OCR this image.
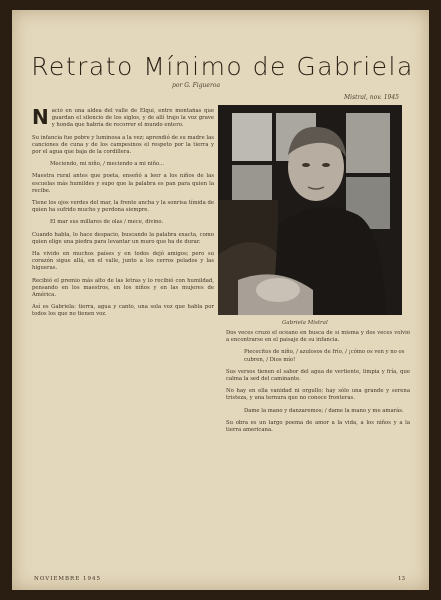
Retrato Mínimo de Gabriela
por G. Figueroa
Mistral, nov. 1945
N ació en una aldea del valle de Elqui, entre montañas que guardan el silencio de los siglos, y de allí trajo la voz grave y honda que habría de recorrer el mundo entero.

Su infancia fue pobre y luminosa a la vez; aprendió de su madre las canciones de cuna y de los campesinos el respeto por la tierra y por el agua que baja de la cordillera.

Meciendo, mi niño, / meciendo a mi niño...

Maestra rural antes que poeta, enseñó a leer a los niños de las escuelas más humildes y supo que la palabra es pan para quien la recibe.

Tiene los ojos verdes del mar, la frente ancha y la sonrisa tímida de quien ha sufrido mucho y perdona siempre.

El mar sus millares de olas / mece, divino.

Cuando habla, lo hace despacio, buscando la palabra exacta, como quien elige una piedra para levantar un muro que ha de durar.

Ha vivido en muchos países y en todos dejó amigos; pero su corazón sigue allá, en el valle, junto a los cerros pelados y las higueras.

Recibió el premio más alto de las letras y lo recibió con humildad, pensando en los maestros, en los niños y en las mujeres de América.

Así es Gabriela: tierra, agua y canto, una sola voz que habla por todos los que no tienen voz.

Gabriela Mistral

Dos veces cruzó el océano en busca de sí misma y dos veces volvió a encontrarse en el paisaje de su infancia.

Piececitos de niño, / azulosos de frío, / ¡cómo os ven y no os cubren, / Dios mío!

Sus versos tienen el sabor del agua de vertiente, limpia y fría, que calma la sed del caminante.

No hay en ella vanidad ni orgullo; hay sólo una grande y serena tristeza, y una ternura que no conoce fronteras.

Dame la mano y danzaremos; / dame la mano y me amarás.

Su obra es un largo poema de amor a la vida, a los niños y a la tierra americana.

NOVIEMBRE 1945	13
